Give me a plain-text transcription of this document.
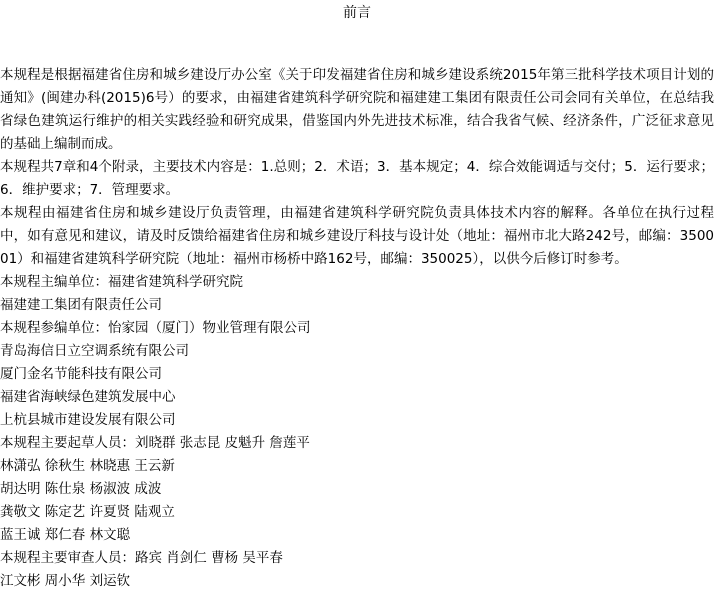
前言

本规程是根据福建省住房和城乡建设厅办公室《关于印发福建省住房和城乡建设系统2015年第三批科学技术项目计划的通知》(闽建办科(2015)6号）的要求，由福建省建筑科学研究院和福建建工集团有限责任公司会同有关单位，在总结我省绿色建筑运行维护的相关实践经验和研究成果，借鉴国内外先进技术标准，结合我省气候、经济条件，广泛征求意见的基础上编制而成。

本规程共7章和4个附录，主要技术内容是：1.总则；2．术语；3．基本规定；4．综合效能调适与交付；5．运行要求；6．维护要求；7．管理要求。

本规程由福建省住房和城乡建设厅负责管理，由福建省建筑科学研究院负责具体技术内容的解释。各单位在执行过程中，如有意见和建议，请及时反馈给福建省住房和城乡建设厅科技与设计处（地址：福州市北大路242号，邮编：350001）和福建省建筑科学研究院（地址：福州市杨桥中路162号，邮编：350025），以供今后修订时参考。

本规程主编单位：福建省建筑科学研究院

福建建工集团有限责任公司

本规程参编单位：怡家园（厦门）物业管理有限公司

青岛海信日立空调系统有限公司

厦门金名节能科技有限公司

福建省海峡绿色建筑发展中心

上杭县城市建设发展有限公司

本规程主要起草人员：刘晓群 张志昆 皮魁升 詹莲平

林潇弘 徐秋生 林晓惠 王云新

胡达明 陈仕泉 杨淑波 成波

龚敬文 陈定艺 许夏贤 陆观立

蓝王诚 郑仁春 林文聪

本规程主要审查人员：路宾 肖剑仁 曹杨 吴平春

江文彬 周小华 刘运钦
